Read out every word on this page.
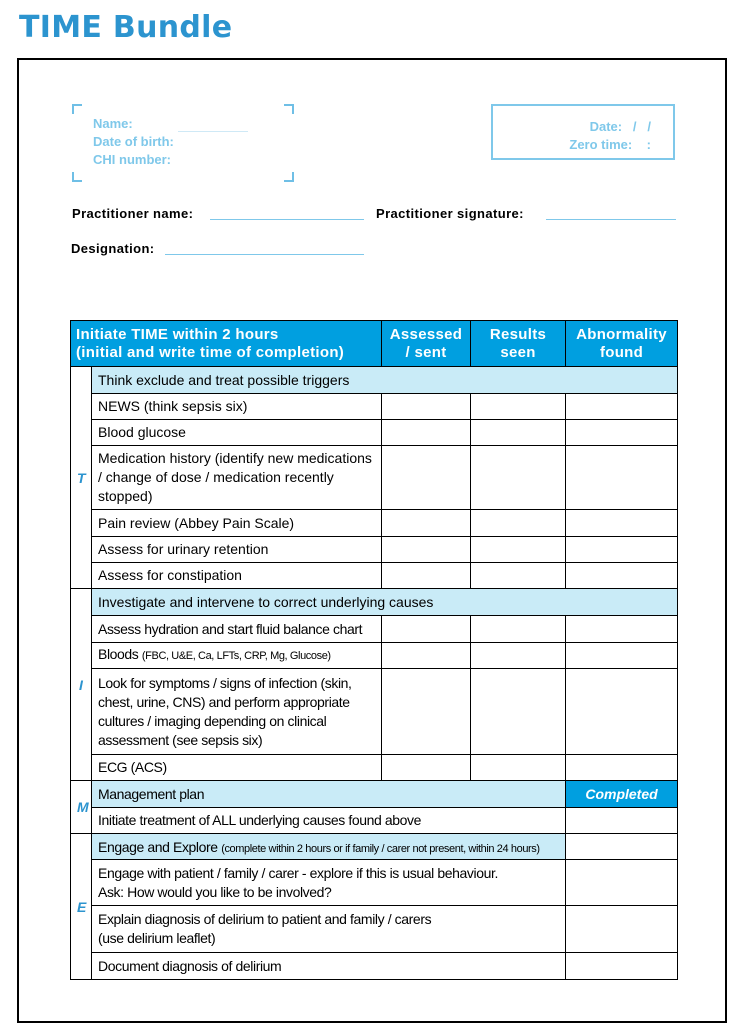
TIME Bundle
Name:
Date of birth:
CHI number:
Date:   /   /
Zero time:    :
Practitioner name:	Practitioner signature:
Designation:
Initiate TIME within 2 hours
(initial and write time of completion)		Assessed / sent	Results seen	Abnormality found
T	Think exclude and treat possible triggers			
	NEWS (think sepsis six)			
	Blood glucose			
	Medication history (identify new medications / change of dose / medication recently stopped)			
	Pain review (Abbey Pain Scale)			
	Assess for urinary retention			
	Assess for constipation			
I	Investigate and intervene to correct underlying causes			
	Assess hydration and start fluid balance chart			
	Bloods (FBC, U&E, Ca, LFTs, CRP, Mg, Glucose)			
	Look for symptoms / signs of infection (skin, chest, urine, CNS) and perform appropriate cultures / imaging depending on clinical assessment (see sepsis six)			
	ECG (ACS)			
M	Management plan			Completed
	Initiate treatment of ALL underlying causes found above			
E	Engage and Explore (complete within 2 hours or if family / carer not present, within 24 hours)			
	Engage with patient / family / carer - explore if this is usual behaviour.
Ask: How would you like to be involved?			
	Explain diagnosis of delirium to patient and family / carers
(use delirium leaflet)			
	Document diagnosis of delirium			
